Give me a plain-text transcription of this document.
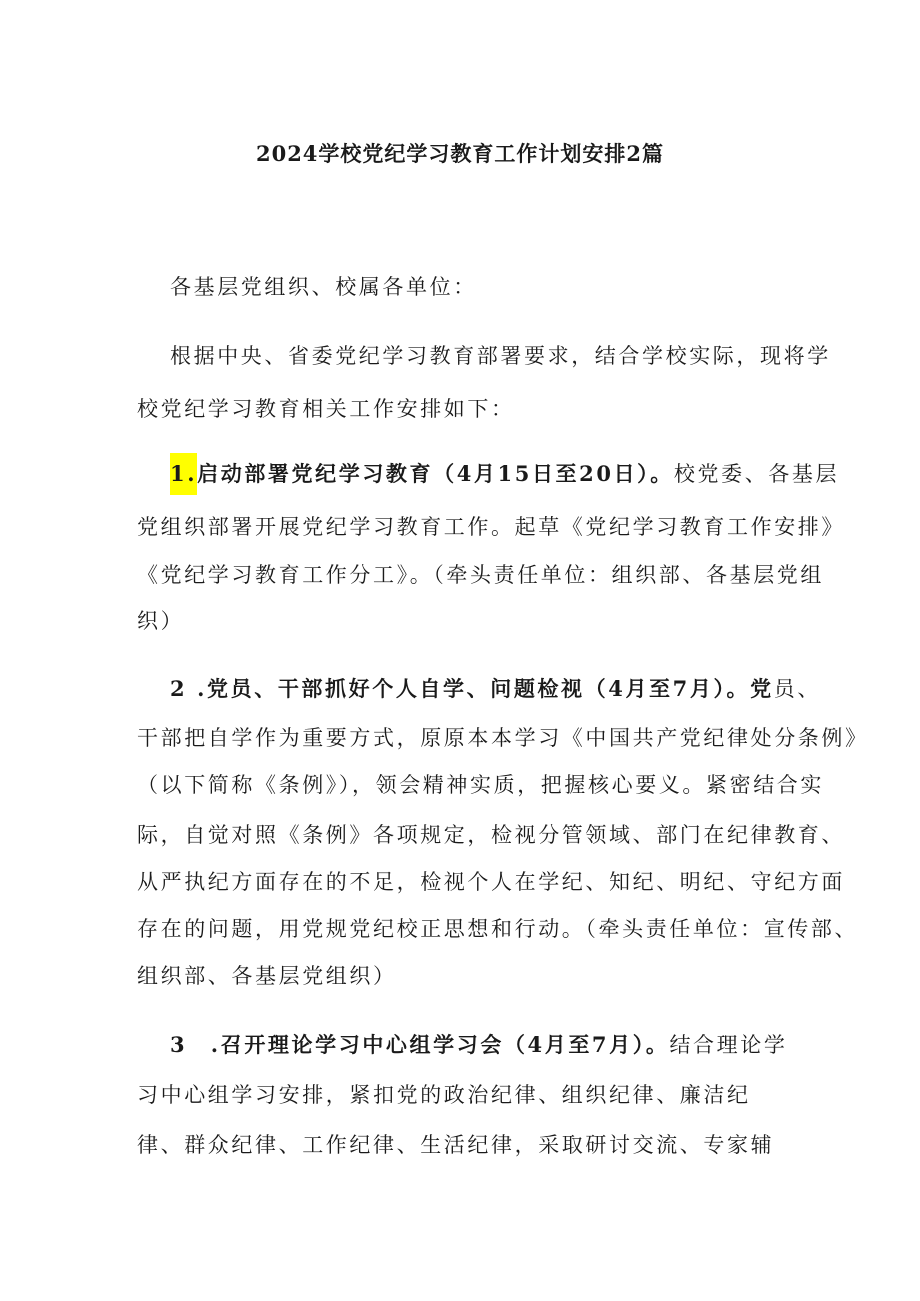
2024学校党纪学习教育工作计划安排2篇
各基层党组织、校属各单位：
根据中央、省委党纪学习教育部署要求，结合学校实际，现将学
校党纪学习教育相关工作安排如下：
1.启动部署党纪学习教育（4月15日至20日）。校党委、各基层
党组织部署开展党纪学习教育工作。起草《党纪学习教育工作安排》
《党纪学习教育工作分工》。（牵头责任单位：组织部、各基层党组
织）
2 .党员、干部抓好个人自学、问题检视（4月至7月）。党员、
干部把自学作为重要方式，原原本本学习《中国共产党纪律处分条例》
（以下简称《条例》），领会精神实质，把握核心要义。紧密结合实
际，自觉对照《条例》各项规定，检视分管领域、部门在纪律教育、
从严执纪方面存在的不足，检视个人在学纪、知纪、明纪、守纪方面
存在的问题，用党规党纪校正思想和行动。（牵头责任单位：宣传部、
组织部、各基层党组织）
3　.召开理论学习中心组学习会（4月至7月）。结合理论学
习中心组学习安排，紧扣党的政治纪律、组织纪律、廉洁纪
律、群众纪律、工作纪律、生活纪律，采取研讨交流、专家辅
